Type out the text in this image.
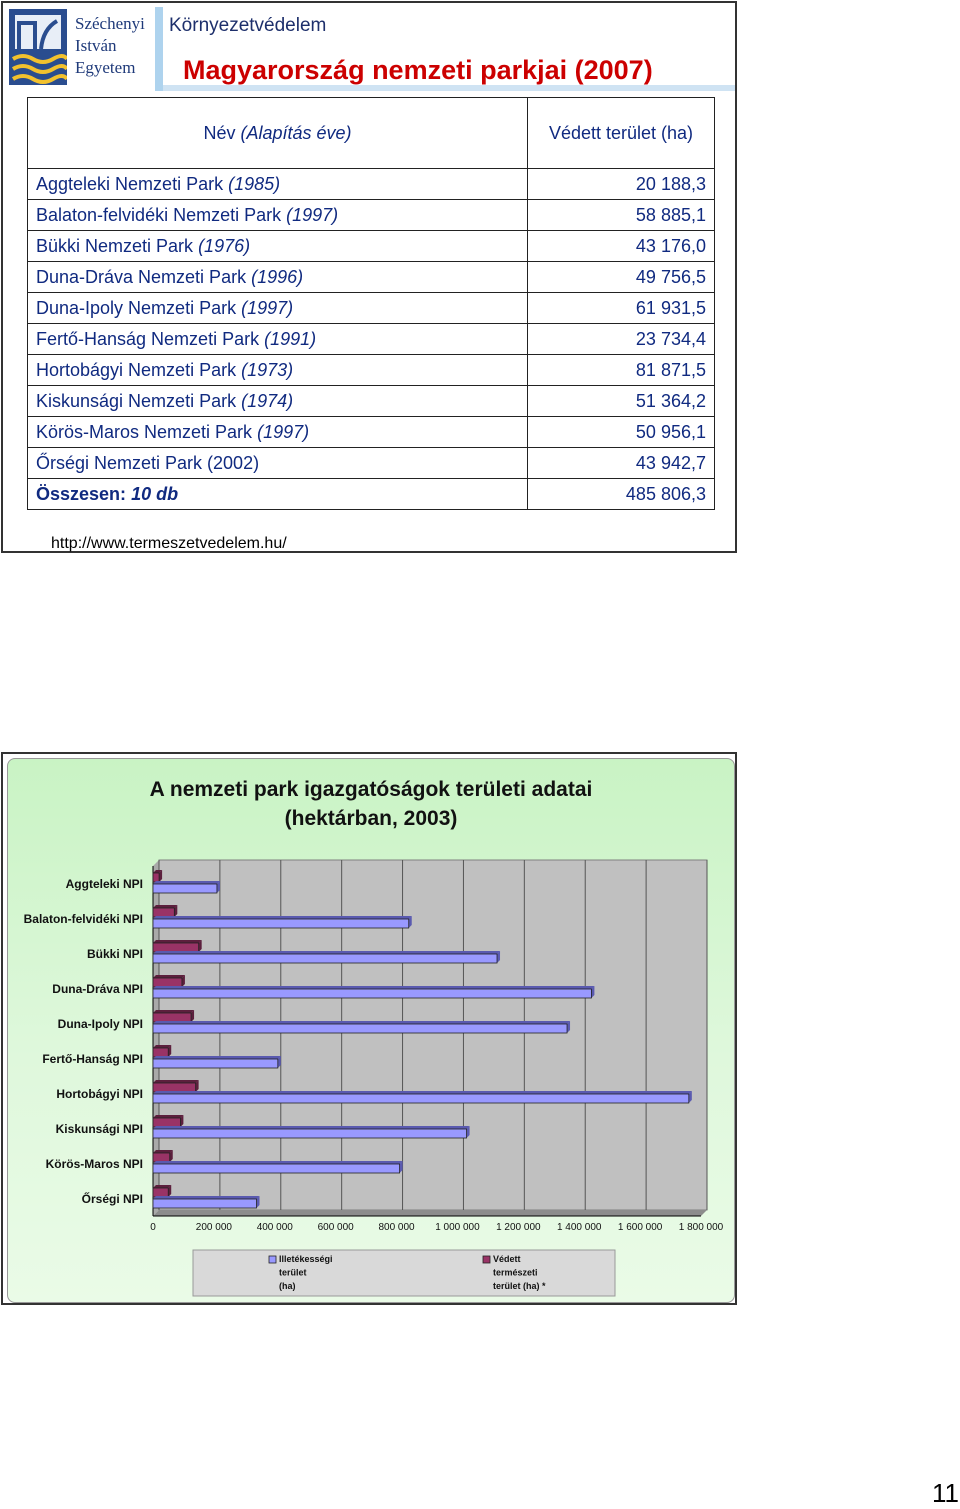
Széchenyi
István
Egyetem
Környezetvédelem
Magyarország nemzeti parkjai (2007)
Név (Alapítás éve)	Védett terület (ha)
Aggteleki Nemzeti Park (1985)	20 188,3
Balaton-felvidéki Nemzeti Park (1997)	58 885,1
Bükki Nemzeti Park (1976)	43 176,0
Duna-Dráva Nemzeti Park (1996)	49 756,5
Duna-Ipoly Nemzeti Park (1997)	61 931,5
Fertő-Hanság Nemzeti Park (1991)	23 734,4
Hortobágyi Nemzeti Park (1973)	81 871,5
Kiskunsági Nemzeti Park (1974)	51 364,2
Körös-Maros Nemzeti Park (1997)	50 956,1
Őrségi Nemzeti Park (2002)	43 942,7
Összesen: 10 db	485 806,3
http://www.termeszetvedelem.hu/
A nemzeti park igazgatóságok területi adatai
(hektárban, 2003)
0	200 000 400 000 600 000 800 000 1 000 000 1 200 000 1 400 000 1 600 000 1 800 000
Aggteleki NPI
Balaton-felvidéki NPI
Bükki NPI
Duna-Dráva NPI
Duna-Ipoly NPI
Fertő-Hanság NPI
Hortobágyi NPI
Kiskunsági NPI
Körös-Maros NPI
Őrségi NPI
Illetékességi
terület
(ha)
Védett
természeti
terület (ha) *
11
